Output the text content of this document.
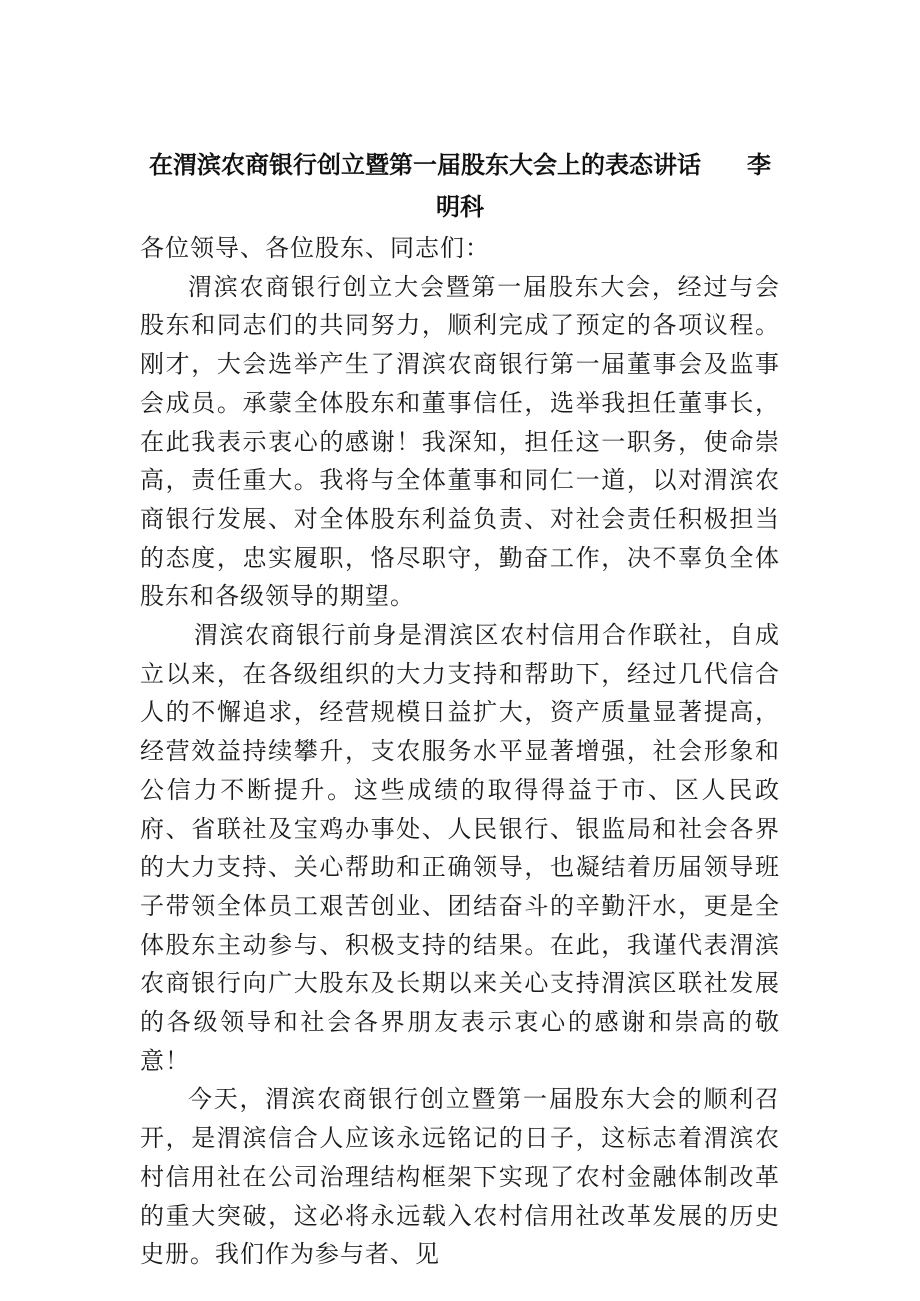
在渭滨农商银行创立暨第一届股东大会上的表态讲话 李
明科

各位领导、各位股东、同志们：

渭滨农商银行创立大会暨第一届股东大会，经过与会股东和同志们的共同努力，顺利完成了预定的各项议程。刚才，大会选举产生了渭滨农商银行第一届董事会及监事会成员。承蒙全体股东和董事信任，选举我担任董事长，在此我表示衷心的感谢！我深知，担任这一职务，使命崇高，责任重大。我将与全体董事和同仁一道，以对渭滨农商银行发展、对全体股东利益负责、对社会责任积极担当的态度，忠实履职，恪尽职守，勤奋工作，决不辜负全体股东和各级领导的期望。

渭滨农商银行前身是渭滨区农村信用合作联社，自成立以来，在各级组织的大力支持和帮助下，经过几代信合人的不懈追求，经营规模日益扩大，资产质量显著提高，经营效益持续攀升，支农服务水平显著增强，社会形象和公信力不断提升。这些成绩的取得得益于市、区人民政府、省联社及宝鸡办事处、人民银行、银监局和社会各界的大力支持、关心帮助和正确领导，也凝结着历届领导班子带领全体员工艰苦创业、团结奋斗的辛勤汗水，更是全体股东主动参与、积极支持的结果。在此，我谨代表渭滨农商银行向广大股东及长期以来关心支持渭滨区联社发展的各级领导和社会各界朋友表示衷心的感谢和崇高的敬意！

今天，渭滨农商银行创立暨第一届股东大会的顺利召开，是渭滨信合人应该永远铭记的日子，这标志着渭滨农村信用社在公司治理结构框架下实现了农村金融体制改革的重大突破，这必将永远载入农村信用社改革发展的历史史册。我们作为参与者、见
